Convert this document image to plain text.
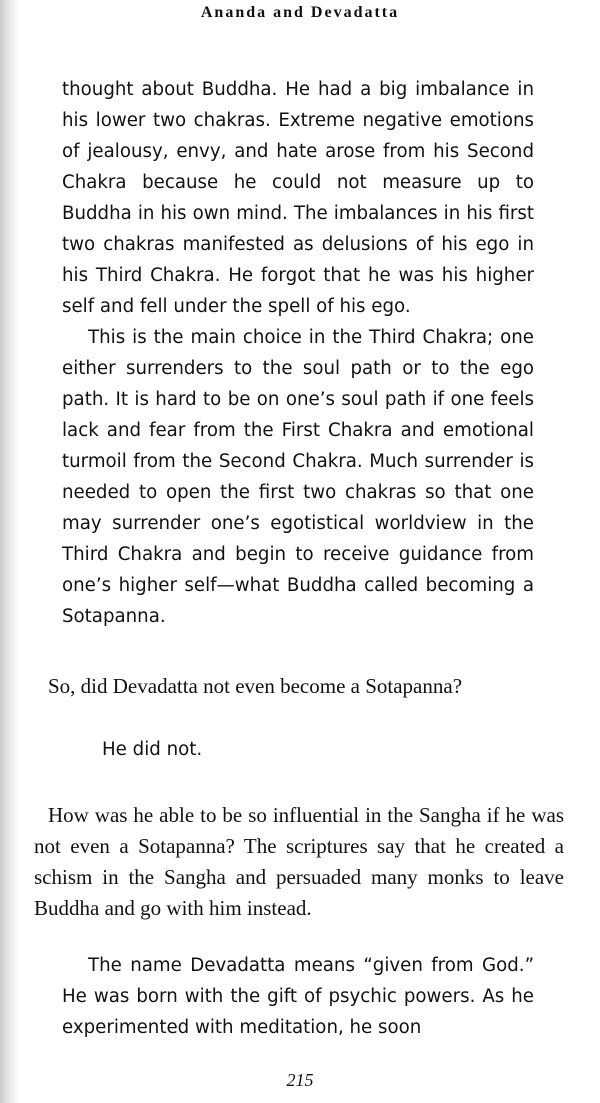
Ananda and Devadatta

thought about Buddha. He had a big imbalance in his lower two chakras. Extreme negative emotions of jealousy, envy, and hate arose from his Second Chakra because he could not measure up to Buddha in his own mind. The imbalances in his first two chakras manifested as delusions of his ego in his Third Chakra. He forgot that he was his higher self and fell under the spell of his ego.

This is the main choice in the Third Chakra; one either surrenders to the soul path or to the ego path. It is hard to be on one’s soul path if one feels lack and fear from the First Chakra and emotional turmoil from the Second Chakra. Much surrender is needed to open the first two chakras so that one may surrender one’s egotistical worldview in the Third Chakra and begin to receive guidance from one’s higher self—what Buddha called becoming a Sotapanna.

So, did Devadatta not even become a Sotapanna?

He did not.

How was he able to be so influential in the Sangha if he was not even a Sotapanna? The scriptures say that he created a schism in the Sangha and persuaded many monks to leave Buddha and go with him instead.

The name Devadatta means “given from God.” He was born with the gift of psychic powers. As he experimented with meditation, he soon

215
